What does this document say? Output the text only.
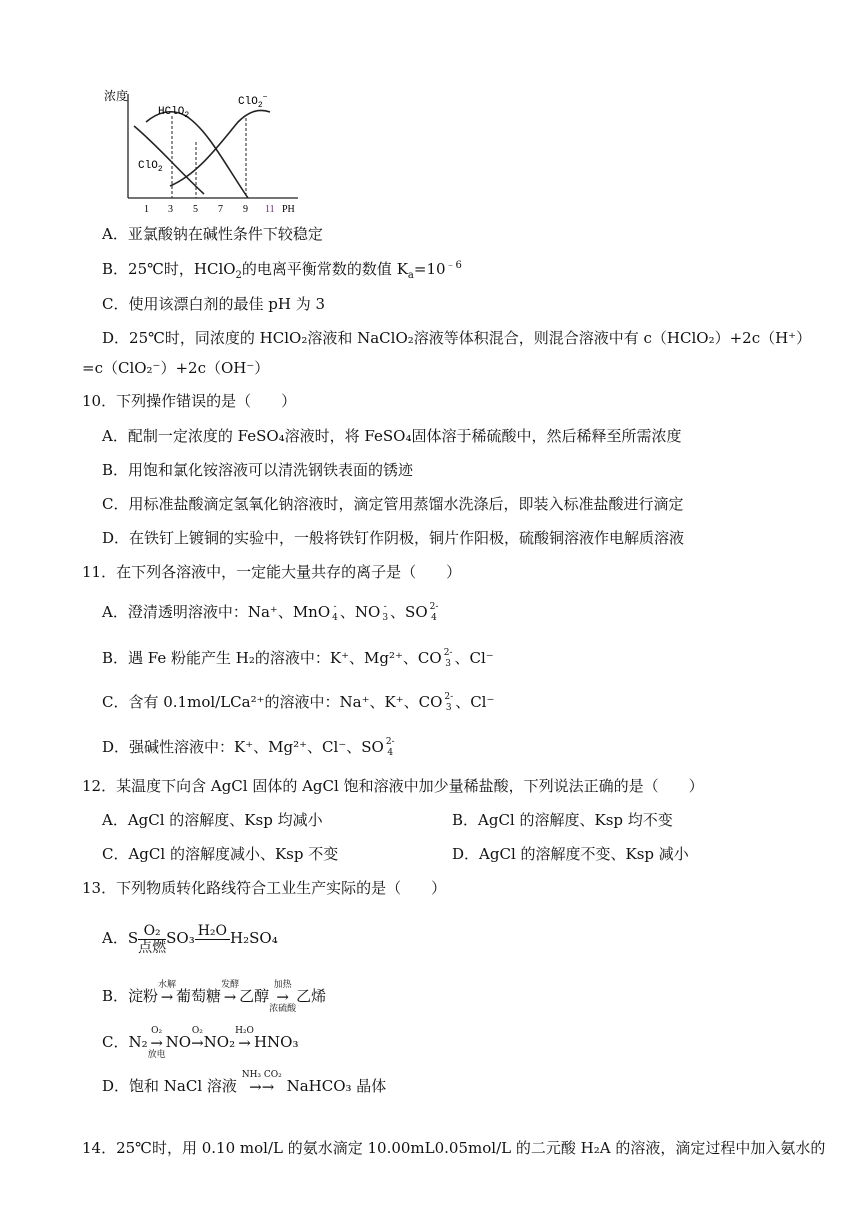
浓度
HClO$_2$
ClO$_2$
ClO$_2$−
1 3 5 7 9 11 PH
A．亚氯酸钠在碱性条件下较稳定
B．25℃时，HClO$_2$的电离平衡常数的数值 $K_a=10^{﹣6}$
C．使用该漂白剂的最佳 pH 为 3
D．25℃时，同浓度的 HClO₂溶液和 NaClO₂溶液等体积混合，则混合溶液中有 c（HClO₂）+2c（H⁺）
=c（ClO₂⁻）+2c（OH⁻）
10．下列操作错误的是（　　）
A．配制一定浓度的 FeSO₄溶液时，将 FeSO₄固体溶于稀硫酸中，然后稀释至所需浓度
B．用饱和氯化铵溶液可以清洗钢铁表面的锈迹
C．用标准盐酸滴定氢氧化钠溶液时，滴定管用蒸馏水洗涤后，即装入标准盐酸进行滴定
D．在铁钉上镀铜的实验中，一般将铁钉作阴极，铜片作阳极，硫酸铜溶液作电解质溶液
11．在下列各溶液中，一定能大量共存的离子是（　　）
A．澄清透明溶液中：Na⁺、MnO -
4 、NO -
3 、SO 2-
4
B．遇 Fe 粉能产生 H₂的溶液中：K⁺、Mg²⁺、CO 2-
3 、Cl⁻
C．含有 0.1mol/LCa²⁺的溶液中：Na⁺、K⁺、CO 2-
3 、Cl⁻
D．强碱性溶液中：K⁺、Mg²⁺、Cl⁻、SO 2-
4
12．某温度下向含 AgCl 固体的 AgCl 饱和溶液中加少量稀盐酸，下列说法正确的是（　　）
A．AgCl 的溶解度、Ksp 均减小	B．AgCl 的溶解度、Ksp 均不变
C．AgCl 的溶解度减小、Ksp 不变	D．AgCl 的溶解度不变、Ksp 减小
13．下列物质转化路线符合工业生产实际的是（　　）
A．S $\frac{\text{O₂}}{\text{点燃}} SO_3$ H₂O
H₂SO₄
B．淀粉水解
→ 葡萄糖发酵
→ 乙醇加热
→
浓硫酸乙烯
C．N₂O₂
→
放电NOO₂
→ NO₂H₂O
→ HNO₃
D．饱和 NaCl 溶液 NH₃ CO₂
→→ NaHCO₃ 晶体
14．25℃时，用 0.10 mol/L 的氨水滴定 10.00mL0.05mol/L 的二元酸 H₂A 的溶液，滴定过程中加入氨水的
